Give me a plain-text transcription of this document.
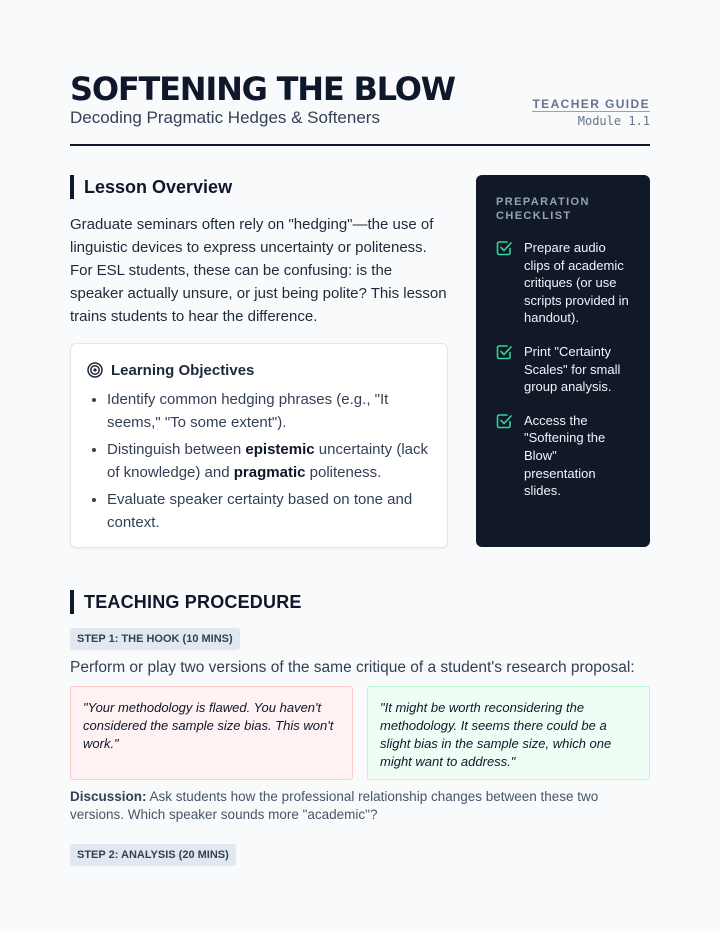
SOFTENING THE BLOW
Decoding Pragmatic Hedges & Softeners
TEACHER GUIDE
Module 1.1
Lesson Overview

Graduate seminars often rely on "hedging"—the use of linguistic devices to express uncertainty or politeness. For ESL students, these can be confusing: is the speaker actually unsure, or just being polite? This lesson trains students to hear the difference.

Learning Objectives
• Identify common hedging phrases (e.g., "It seems," "To some extent").
• Distinguish between epistemic uncertainty (lack of knowledge) and pragmatic politeness.
• Evaluate speaker certainty based on tone and context.
PREPARATION CHECKLIST
Prepare audio clips of academic critiques (or use scripts provided in handout).
Print "Certainty Scales" for small group analysis.
Access the "Softening the Blow" presentation slides.
TEACHING PROCEDURE
STEP 1: THE HOOK (10 MINS)
Perform or play two versions of the same critique of a student's research proposal:
"Your methodology is flawed. You haven't considered the sample size bias. This won't work."
"It might be worth reconsidering the methodology. It seems there could be a slight bias in the sample size, which one might want to address."

Discussion: Ask students how the professional relationship changes between these two versions. Which speaker sounds more "academic"?

STEP 2: ANALYSIS (20 MINS)
